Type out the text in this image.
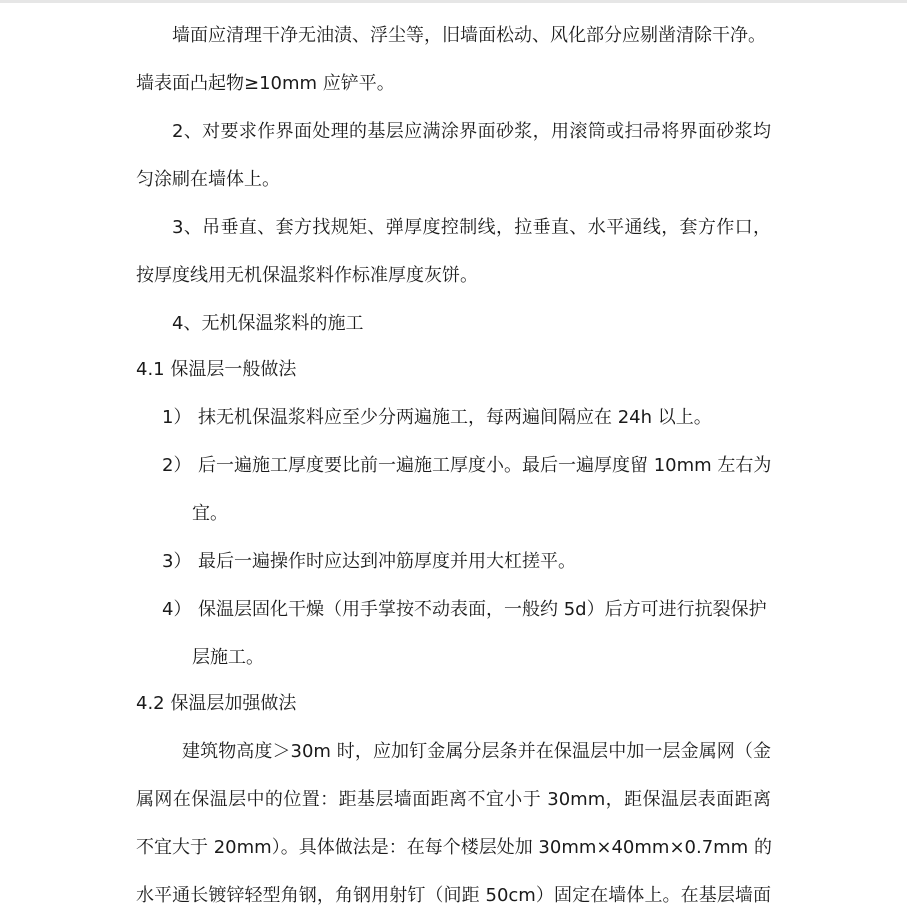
墙面应清理干净无油渍、浮尘等，旧墙面松动、风化部分应剔凿清除干净。

墙表面凸起物≥10mm 应铲平。

2、对要求作界面处理的基层应满涂界面砂浆，用滚筒或扫帚将界面砂浆均

匀涂刷在墙体上。

3、吊垂直、套方找规矩、弹厚度控制线，拉垂直、水平通线，套方作口，

按厚度线用无机保温浆料作标准厚度灰饼。

4、无机保温浆料的施工

4.1 保温层一般做法

1） 抹无机保温浆料应至少分两遍施工，每两遍间隔应在 24h 以上。
2） 后一遍施工厚度要比前一遍施工厚度小。最后一遍厚度留 10mm 左右为

宜。

3） 最后一遍操作时应达到冲筋厚度并用大杠搓平。
4） 保温层固化干燥（用手掌按不动表面，一般约 5d）后方可进行抗裂保护

层施工。

4.2 保温层加强做法

建筑物高度＞30m 时，应加钉金属分层条并在保温层中加一层金属网（金

属网在保温层中的位置：距基层墙面距离不宜小于 30mm，距保温层表面距离

不宜大于 20mm）。具体做法是：在每个楼层处加 30mm×40mm×0.7mm 的

水平通长镀锌轻型角钢，角钢用射钉（间距 50cm）固定在墙体上。在基层墙面
